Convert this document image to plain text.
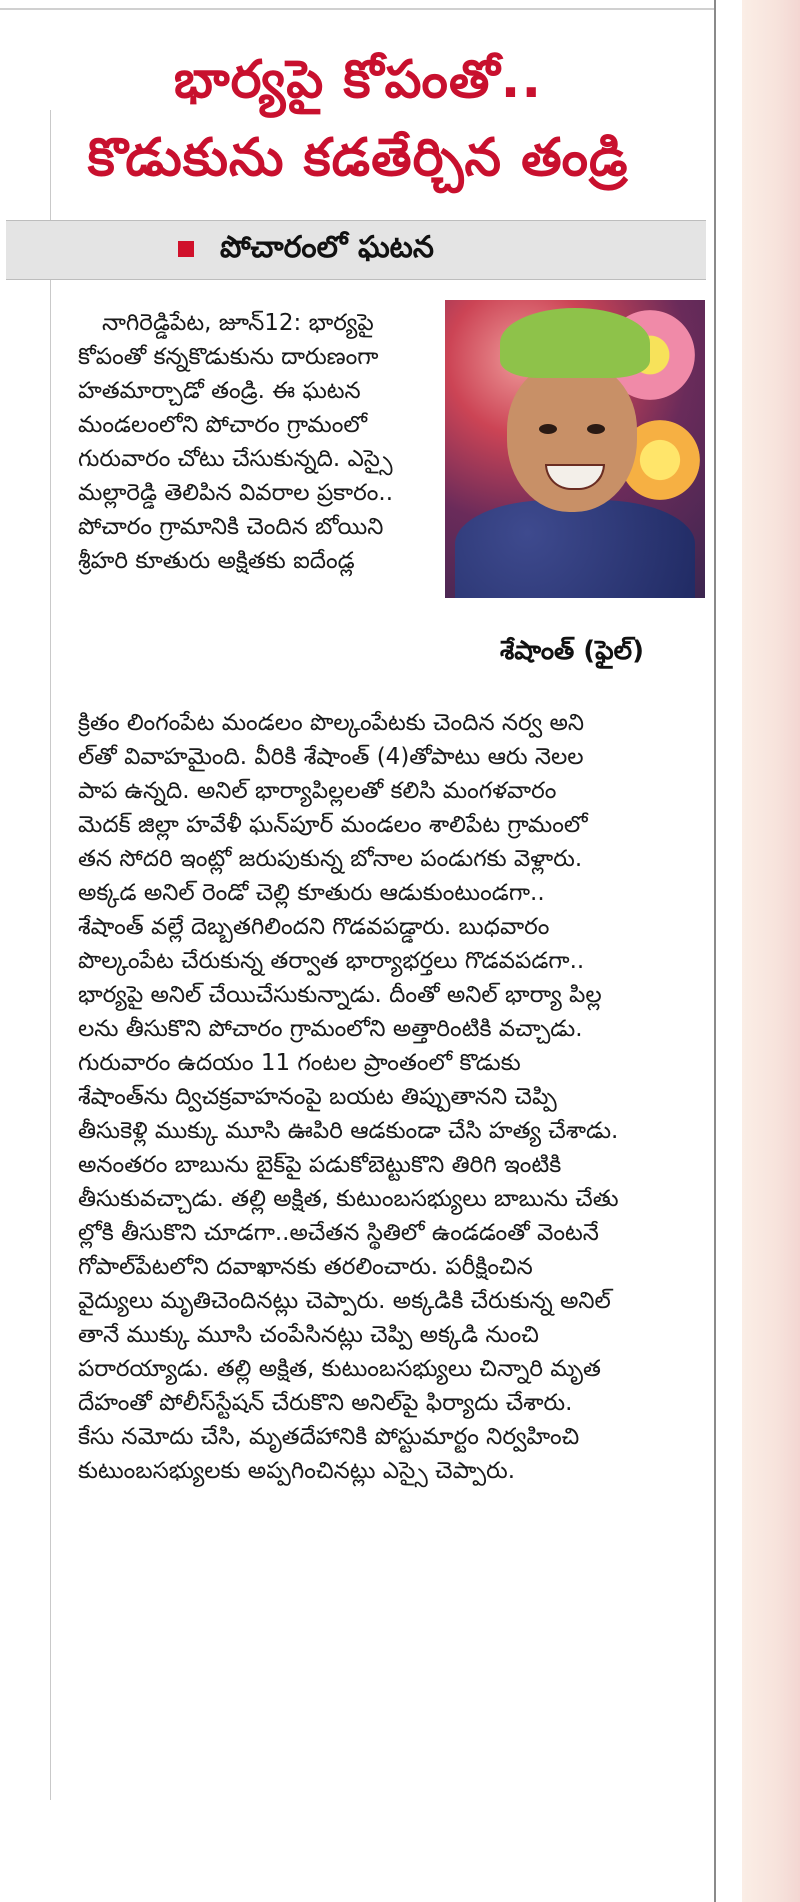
భార్యపై కోపంతో..
కొడుకును కడతేర్చిన తండ్రి
పోచారంలో ఘటన
శేషాంత్ (ఫైల్)
నాగిరెడ్డిపేట, జూన్12: భార్యపై
కోపంతో కన్నకొడుకును దారుణంగా
హతమార్చాడో తండ్రి. ఈ ఘటన
మండలంలోని పోచారం గ్రామంలో
గురువారం చోటు చేసుకున్నది. ఎస్సై
మల్లారెడ్డి తెలిపిన వివరాల ప్రకారం..
పోచారం గ్రామానికి చెందిన బోయిని
శ్రీహరి కూతురు అక్షితకు ఐదేండ్ల
క్రితం లింగంపేట మండలం పొల్కంపేటకు చెందిన నర్వ అని
ల్‌తో వివాహమైంది. వీరికి శేషాంత్ (4)తోపాటు ఆరు నెలల
పాప ఉన్నది. అనిల్ భార్యాపిల్లలతో కలిసి మంగళవారం
మెదక్ జిల్లా హవేళీ ఘన్‌పూర్ మండలం శాలిపేట గ్రామంలో
తన సోదరి ఇంట్లో జరుపుకున్న బోనాల పండుగకు వెళ్లారు.
అక్కడ అనిల్ రెండో చెల్లి కూతురు ఆడుకుంటుండగా..
శేషాంత్ వల్లే దెబ్బతగిలిందని గొడవపడ్డారు. బుధవారం
పొల్కంపేట చేరుకున్న తర్వాత భార్యాభర్తలు గొడవపడగా..
భార్యపై అనిల్ చేయిచేసుకున్నాడు. దీంతో అనిల్ భార్యా పిల్ల
లను తీసుకొని పోచారం గ్రామంలోని అత్తారింటికి వచ్చాడు.
గురువారం ఉదయం 11 గంటల ప్రాంతంలో కొడుకు
శేషాంత్‌ను ద్విచక్రవాహనంపై బయట తిప్పుతానని చెప్పి
తీసుకెళ్లి ముక్కు మూసి ఊపిరి ఆడకుండా చేసి హత్య చేశాడు.
అనంతరం బాబును బైక్‌పై పడుకోబెట్టుకొని తిరిగి ఇంటికి
తీసుకువచ్చాడు. తల్లి అక్షిత, కుటుంబసభ్యులు బాబును చేతు
ల్లోకి తీసుకొని చూడగా..అచేతన స్థితిలో ఉండడంతో వెంటనే
గోపాల్‌పేటలోని దవాఖానకు తరలించారు. పరీక్షించిన
వైద్యులు మృతిచెందినట్లు చెప్పారు. అక్కడికి చేరుకున్న అనిల్
తానే ముక్కు మూసి చంపేసినట్లు చెప్పి అక్కడి నుంచి
పరారయ్యాడు. తల్లి అక్షిత, కుటుంబసభ్యులు చిన్నారి మృత
దేహంతో పోలీస్‌స్టేషన్ చేరుకొని అనిల్‌పై ఫిర్యాదు చేశారు.
కేసు నమోదు చేసి, మృతదేహానికి పోస్టుమార్టం నిర్వహించి
కుటుంబసభ్యులకు అప్పగించినట్లు ఎస్సై చెప్పారు.
